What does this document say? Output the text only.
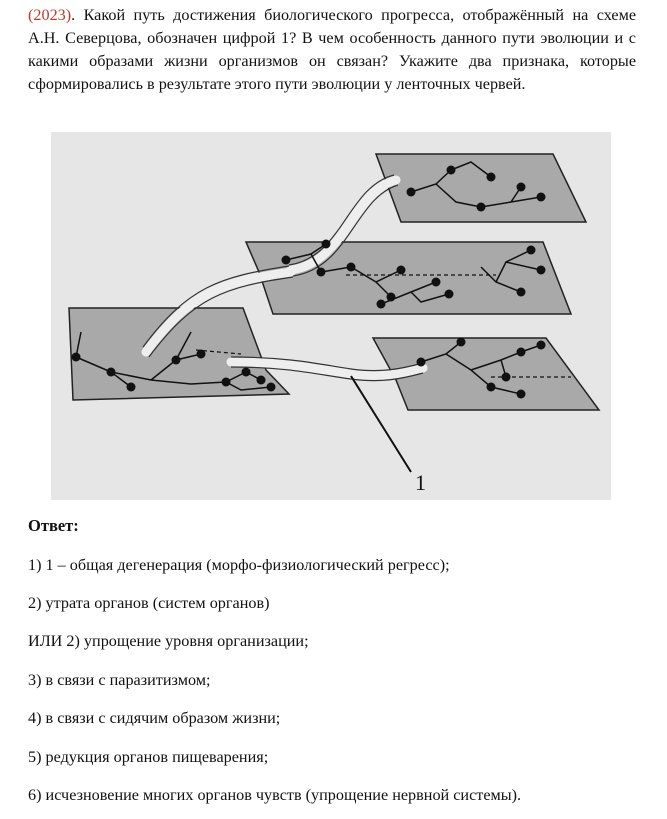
(2023). Какой путь достижения биологического прогресса, отображённый на схеме А.Н. Северцова, обозначен цифрой 1? В чем особенность данного пути эволюции и с какими образами жизни организмов он связан? Укажите два признака, которые сформировались в результате этого пути эволюции у ленточных червей.

1

Ответ:

1) 1 – общая дегенерация (морфо-физиологический регресс);

2) утрата органов (систем органов)

ИЛИ 2) упрощение уровня организации;

3) в связи с паразитизмом;

4) в связи с сидячим образом жизни;

5) редукция органов пищеварения;

6) исчезновение многих органов чувств (упрощение нервной системы).
